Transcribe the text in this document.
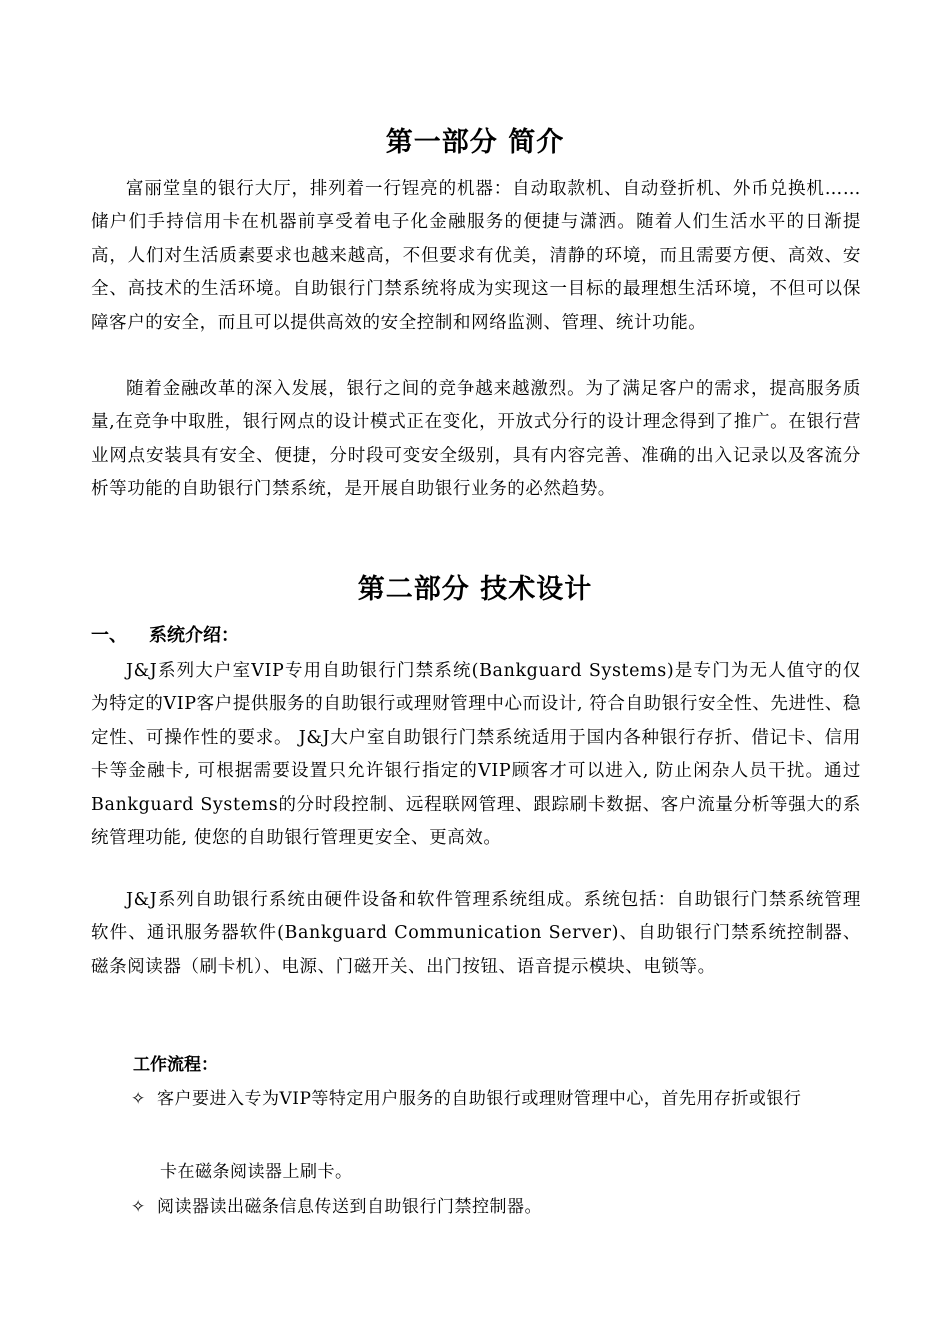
第一部分 简介

富丽堂皇的银行大厅，排列着一行锃亮的机器：自动取款机、自动登折机、外币兑换机……储户们手持信用卡在机器前享受着电子化金融服务的便捷与潇洒。随着人们生活水平的日渐提高，人们对生活质素要求也越来越高，不但要求有优美，清静的环境，而且需要方便、高效、安全、高技术的生活环境。自助银行门禁系统将成为实现这一目标的最理想生活环境，不但可以保障客户的安全，而且可以提供高效的安全控制和网络监测、管理、统计功能。

随着金融改革的深入发展，银行之间的竞争越来越激烈。为了满足客户的需求，提高服务质量,在竞争中取胜，银行网点的设计模式正在变化，开放式分行的设计理念得到了推广。在银行营业网点安装具有安全、便捷，分时段可变安全级别，具有内容完善、准确的出入记录以及客流分析等功能的自助银行门禁系统，是开展自助银行业务的必然趋势。

第二部分 技术设计
一、 系统介绍：

J&J系列大户室VIP专用自助银行门禁系统(Bankguard Systems)是专门为无人值守的仅为特定的VIP客户提供服务的自助银行或理财管理中心而设计, 符合自助银行安全性、先进性、稳定性、可操作性的要求。 J&J大户室自助银行门禁系统适用于国内各种银行存折、借记卡、信用卡等金融卡, 可根据需要设置只允许银行指定的VIP顾客才可以进入, 防止闲杂人员干扰。通过Bankguard Systems的分时段控制、远程联网管理、跟踪刷卡数据、客户流量分析等强大的系统管理功能, 使您的自助银行管理更安全、更高效。

J&J系列自助银行系统由硬件设备和软件管理系统组成。系统包括：自助银行门禁系统管理软件、通讯服务器软件(Bankguard Communication Server)、自助银行门禁系统控制器、磁条阅读器（刷卡机）、电源、门磁开关、出门按钮、语音提示模块、电锁等。

工作流程：
✧ 客户要进入专为VIP等特定用户服务的自助银行或理财管理中心，首先用存折或银行
卡在磁条阅读器上刷卡。
✧ 阅读器读出磁条信息传送到自助银行门禁控制器。
